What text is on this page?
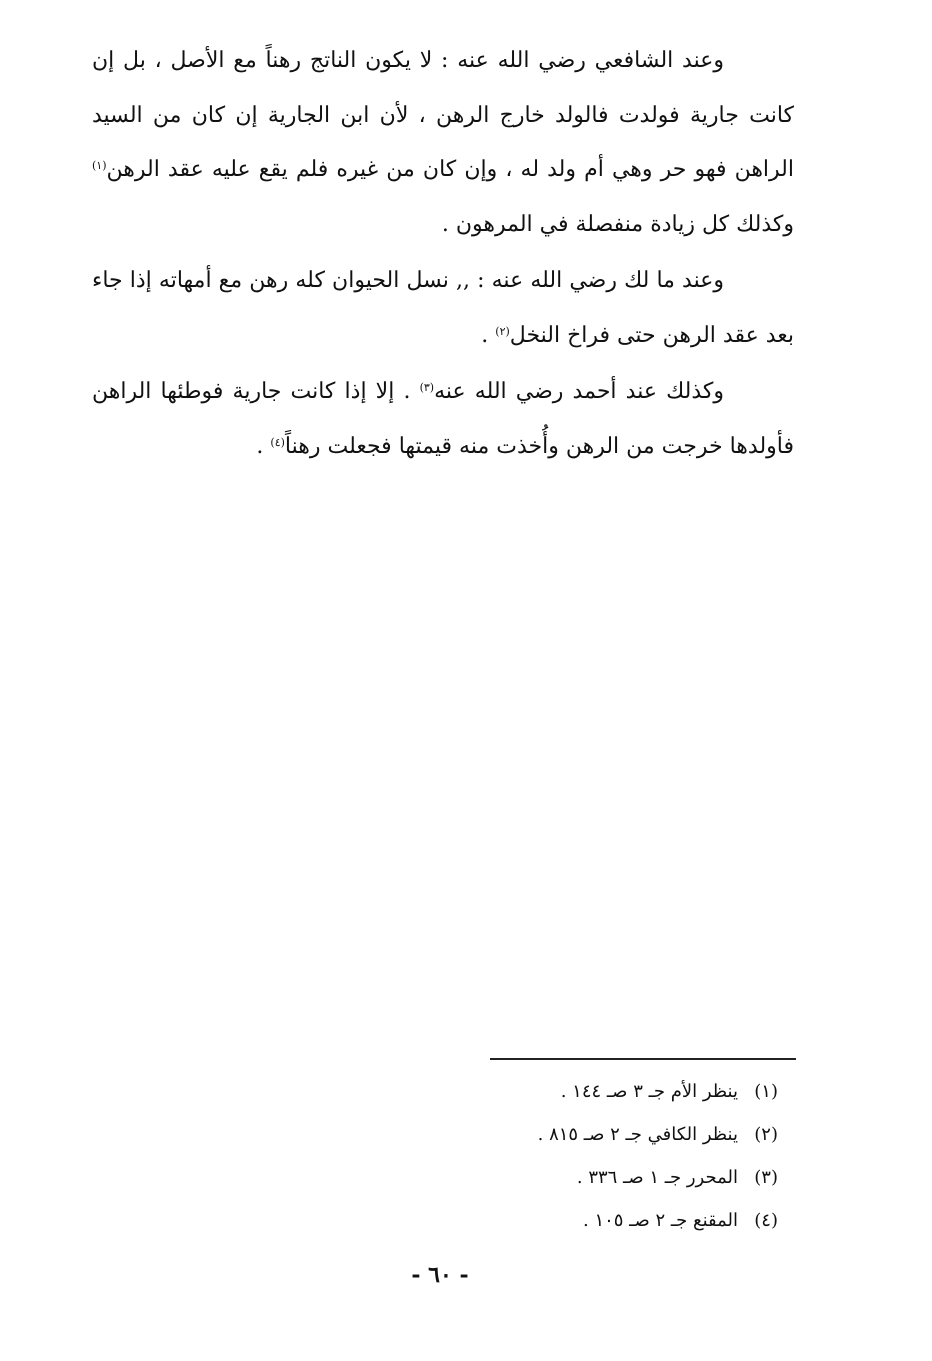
وعند الشافعي رضي الله عنه : لا يكون الناتج رهناً مع الأصل ، بل إن كانت جارية فولدت فالولد خارج الرهن ، لأن ابن الجارية إن كان من السيد الراهن فهو حر وهي أم ولد له ، وإن كان من غيره فلم يقع عليه عقد الرهن$^{(١)}$ وكذلك كل زيادة منفصلة في المرهون .

وعند ما لك رضي الله عنه : ,, نسل الحيوان كله رهن مع أمهاته إذا جاء بعد عقد الرهن حتى فراخ النخل$^{(٢)}$ .

وكذلك عند أحمد رضي الله عنه$^{(٣)}$ . إلا إذا كانت جارية فوطئها الراهن فأولدها خرجت من الرهن وأُخذت منه قيمتها فجعلت رهناً$^{(٤)}$ .

(١)ينظر الأم جـ ٣ صـ ١٤٤ .
(٢)ينظر الكافي جـ ٢ صـ ٨١٥ .
(٣)المحرر جـ ١ صـ ٣٣٦ .
(٤)المقنع جـ ٢ صـ ١٠٥ .
- ٦٠ -
